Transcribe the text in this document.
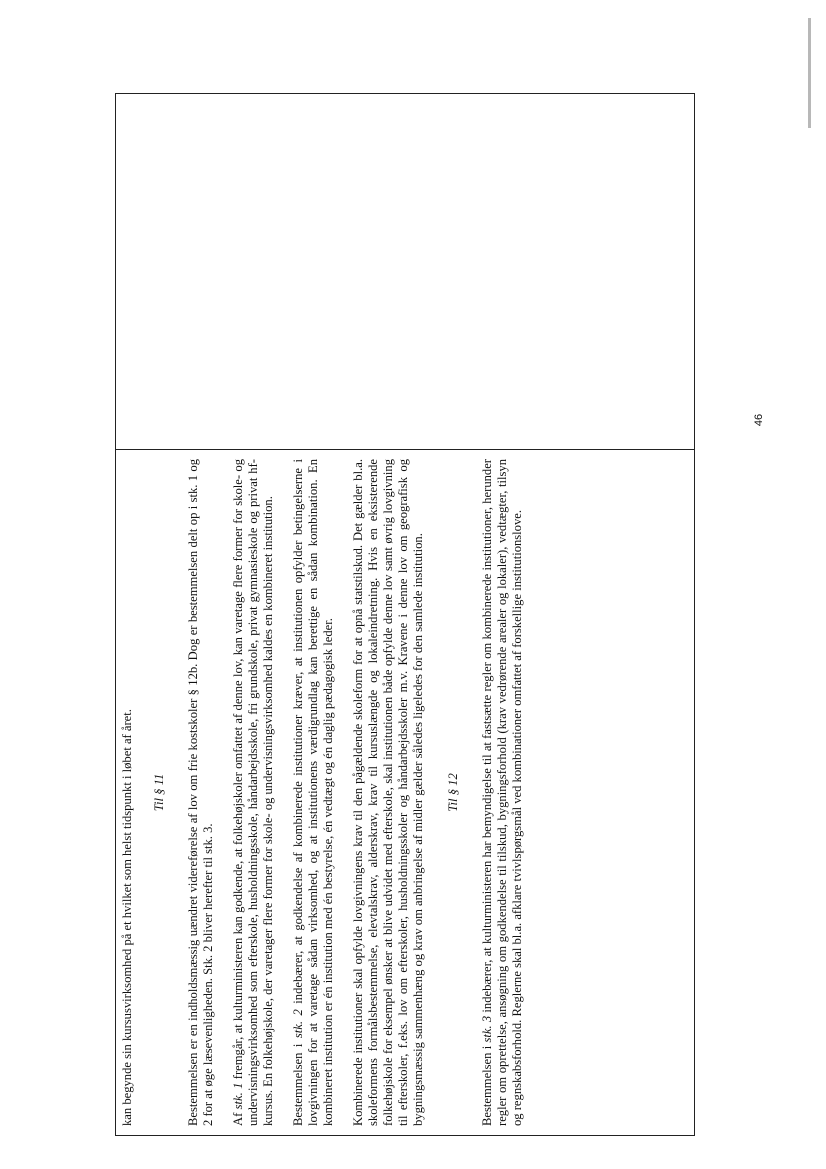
46

kan begynde sin kursusvirksomhed på et hvilket som helst tidspunkt i løbet af året. Til § 11 Bestemmelsen er en indholdsmæssig uændret videreførelse af lov om frie kostskoler § 12b. Dog er bestemmelsen delt op i stk. 1 og 2 for at øge læsevenligheden. Stk. 2 bliver herefter til stk. 3. Af stk. 1 fremgår, at kulturministeren kan godkende, at folkehøjskoler omfattet af denne lov, kan varetage flere former for skole- og undervisningsvirksomhed som efterskole, husholdningsskole, håndarbejdsskole, fri grundskole, privat gymnasieskole og privat hf-kursus. En folkehøjskole, der varetager flere former for skole- og undervisningsvirksomhed kaldes en kombineret institution. Bestemmelsen i stk. 2 indebærer, at godkendelse af kombinerede institutioner kræver, at institutionen opfylder betingelserne i lovgivningen for at varetage sådan virksomhed, og at institutionens værdigrundlag kan berettige en sådan kombination. En kombineret institution er én institution med én bestyrelse, én vedtægt og én daglig pædagogisk leder. Kombinerede institutioner skal opfylde lovgivningens krav til den pågældende skoleform for at opnå statstilskud. Det gælder bl.a. skoleformens formålsbestemmelse, elevtalskrav, alderskrav, krav til kursuslængde og lokaleindretning. Hvis en eksisterende folkehøjskole for eksempel ønsker at blive udvidet med efterskole, skal institutionen både opfylde denne lov samt øvrig lovgivning til efterskoler, f.eks. lov om efterskoler, husholdningsskoler og håndarbejdsskoler m.v. Kravene i denne lov om geografisk og bygningsmæssig sammenhæng og krav om anbringelse af midler gælder således ligeledes for den samlede institution. Til § 12

Bestemmelsen i stk. 3 indebærer, at kulturministeren har bemyndigelse til at fastsætte regler om kombinerede institutioner, herunder regler om oprettelse, ansøgning om godkendelse til tilskud, bygningsforhold (krav vedrørende arealer og lokaler), vedtægter, tilsyn og regnskabsforhold. Reglerne skal bl.a. afklare tvivlspørgsmål ved kombinationer omfattet af forskellige institutionslove.
